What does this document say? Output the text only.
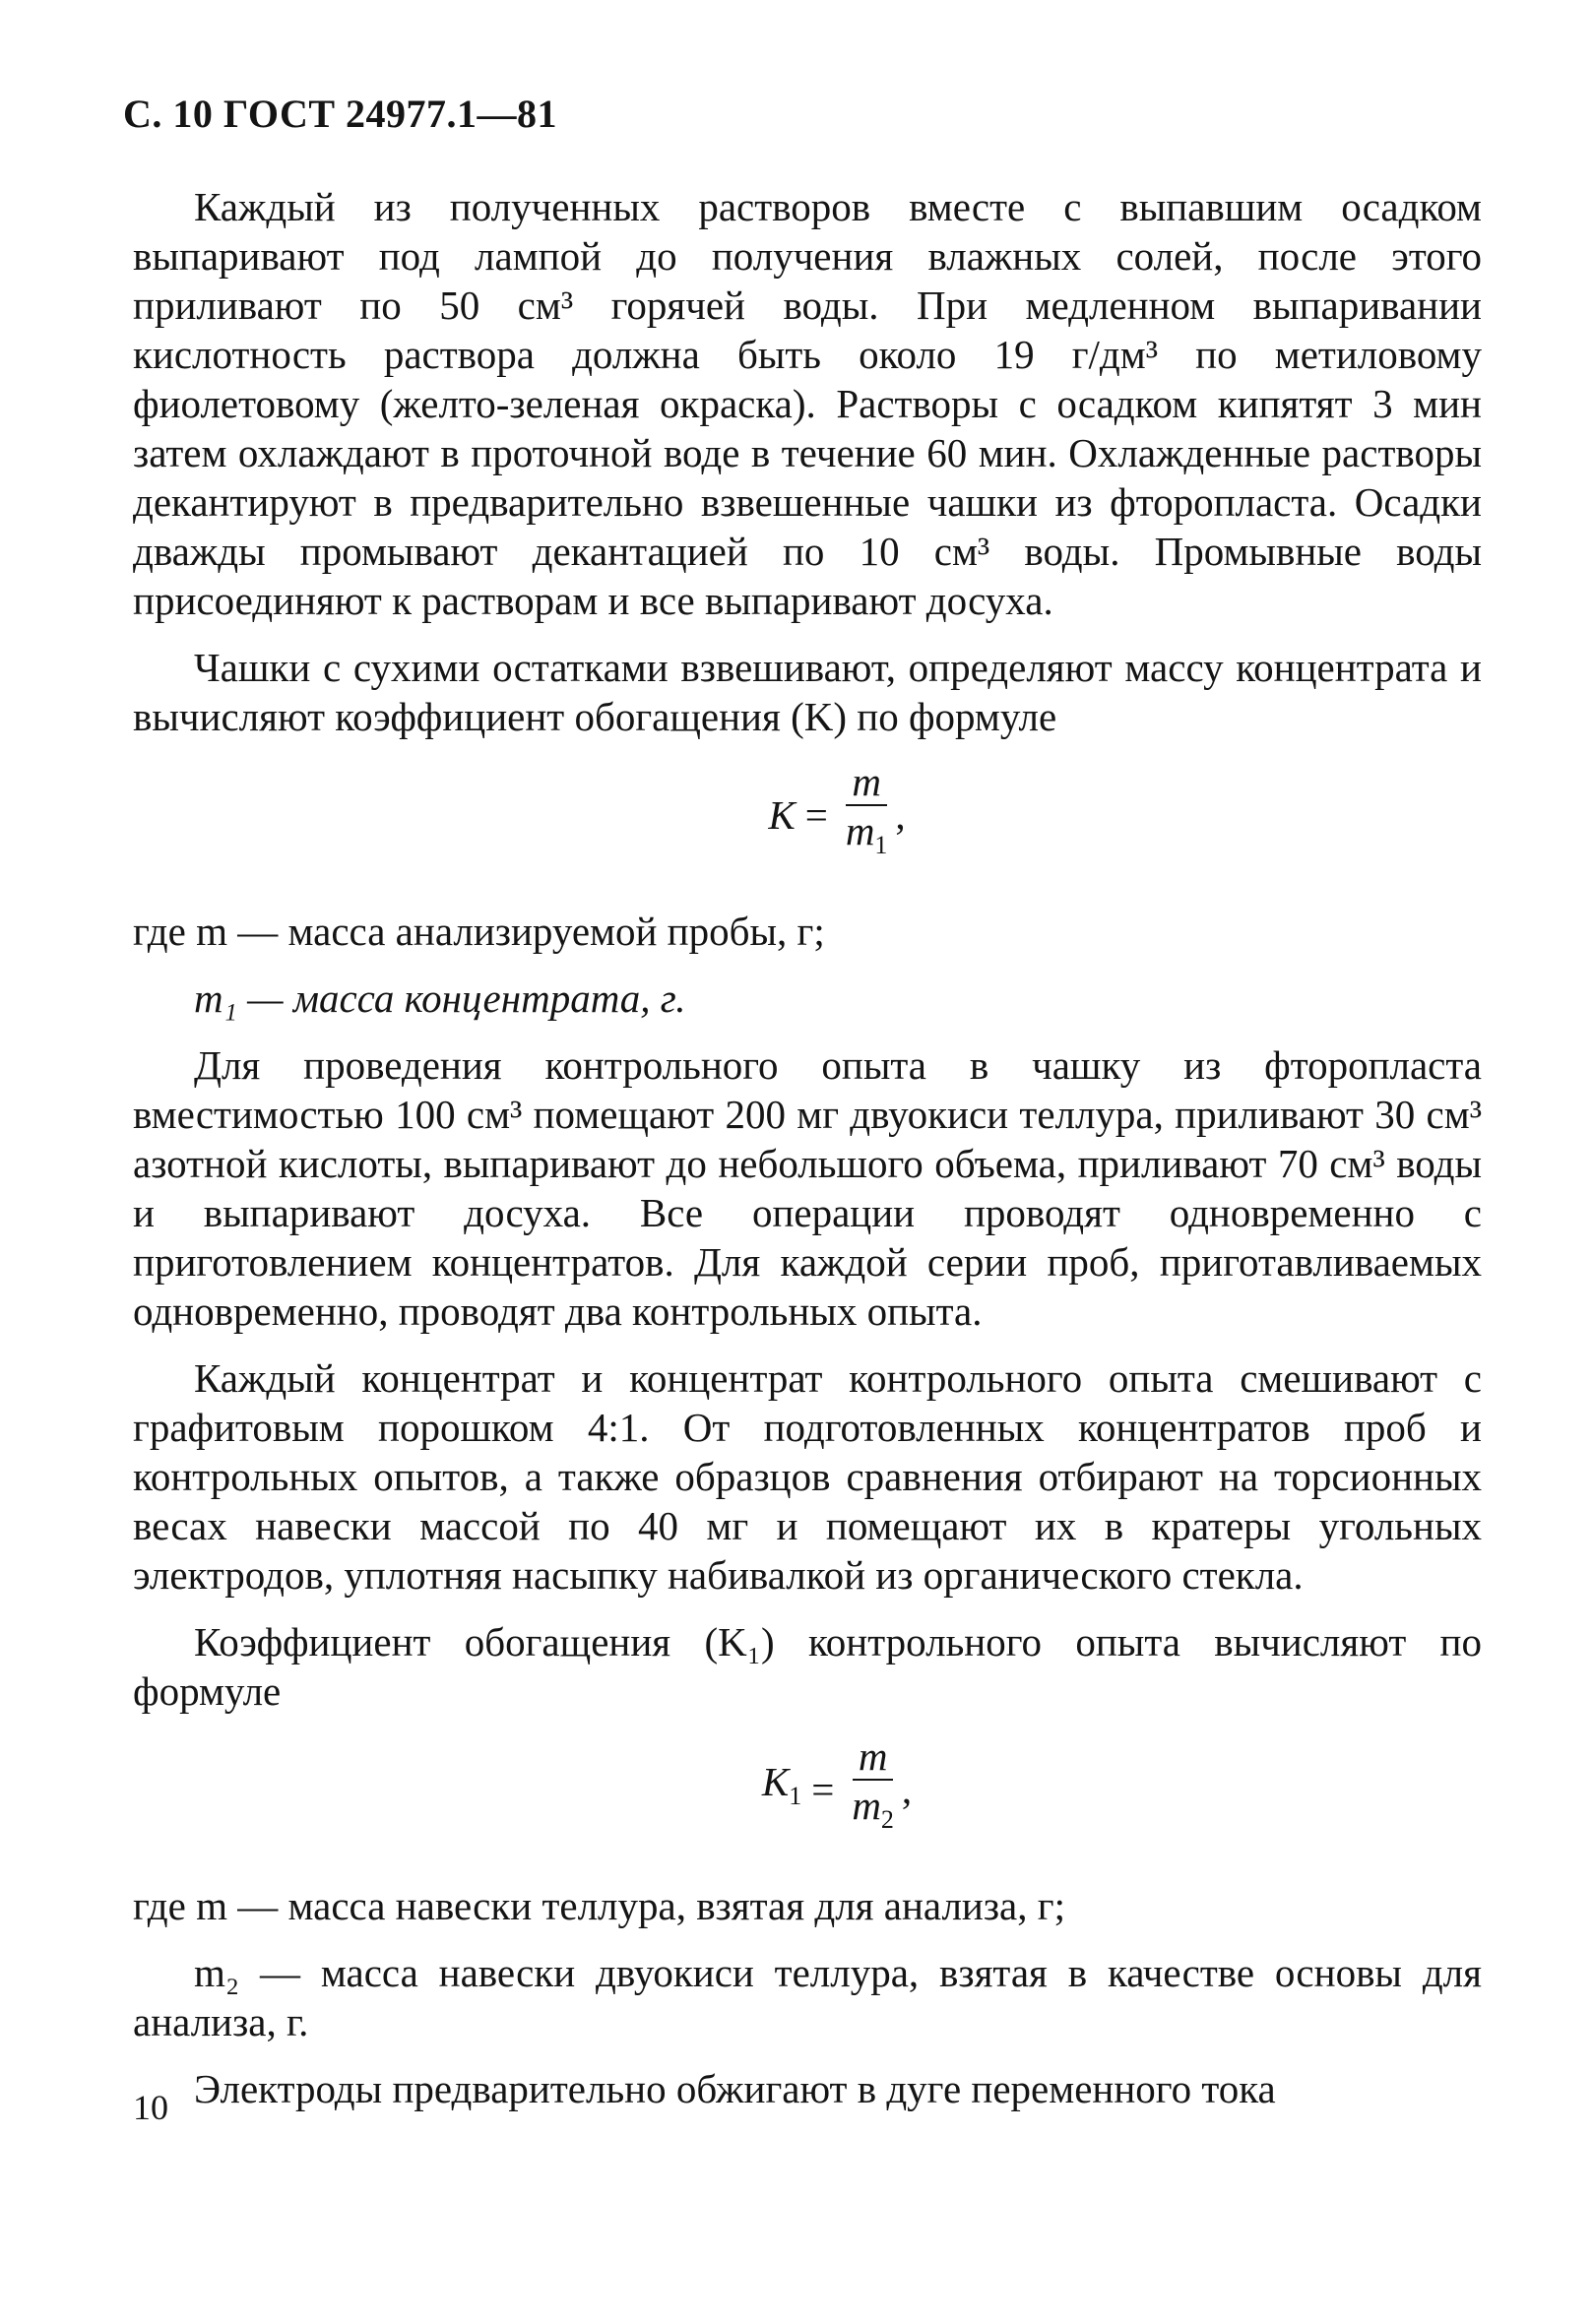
С. 10 ГОСТ 24977.1—81

Каждый из полученных растворов вместе с выпавшим осадком выпаривают под лампой до получения влажных солей, после этого приливают по 50 см³ горячей воды. При медленном выпаривании кислотность раствора должна быть около 19 г/дм³ по метиловому фиолетовому (желто-зеленая окраска). Растворы с осадком кипятят 3 мин затем охлаждают в проточной воде в течение 60 мин. Охлажденные растворы декантируют в предварительно взвешенные чашки из фторопласта. Осадки дважды промывают декантацией по 10 см³ воды. Промывные воды присоединяют к растворам и все выпаривают досуха.

Чашки с сухими остатками взвешивают, определяют массу концентрата и вычисляют коэффициент обогащения (K) по формуле

$K = \frac{m}{m_1}$ ,

где m — масса анализируемой пробы, г;

m₁ — масса концентрата, г.

Для проведения контрольного опыта в чашку из фторопласта вместимостью 100 см³ помещают 200 мг двуокиси теллура, приливают 30 см³ азотной кислоты, выпаривают до небольшого объема, приливают 70 см³ воды и выпаривают досуха. Все операции проводят одновременно с приготовлением концентратов. Для каждой серии проб, приготавливаемых одновременно, проводят два контрольных опыта.

Каждый концентрат и концентрат контрольного опыта смешивают с графитовым порошком 4:1. От подготовленных концентратов проб и контрольных опытов, а также образцов сравнения отбирают на торсионных весах навески массой по 40 мг и помещают их в кратеры угольных электродов, уплотняя насыпку набивалкой из органического стекла.

Коэффициент обогащения (K₁) контрольного опыта вычисляют по формуле

$K_1 = \frac{m}{m_2}$ ,

где m — масса навески теллура, взятая для анализа, г;

m₂ — масса навески двуокиси теллура, взятая в качестве основы для анализа, г.

Электроды предварительно обжигают в дуге переменного тока

10
